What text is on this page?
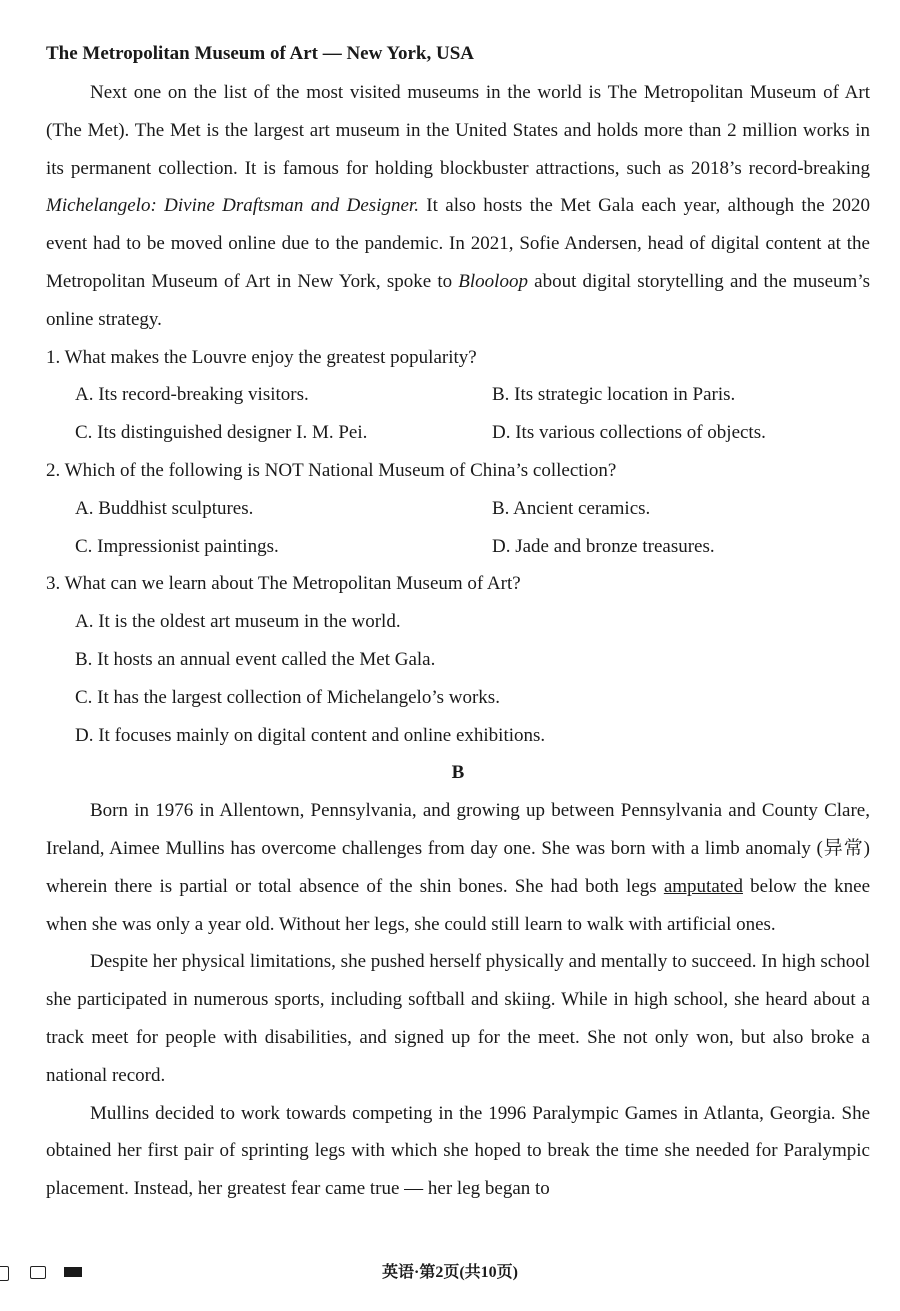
The Metropolitan Museum of Art — New York, USA

Next one on the list of the most visited museums in the world is The Metropolitan Museum of Art (The Met). The Met is the largest art museum in the United States and holds more than 2 million works in its permanent collection. It is famous for holding blockbuster attractions, such as 2018’s record-breaking Michelangelo: Divine Draftsman and Designer. It also hosts the Met Gala each year, although the 2020 event had to be moved online due to the pandemic. In 2021, Sofie Andersen, head of digital content at the Metropolitan Museum of Art in New York, spoke to Blooloop about digital storytelling and the museum’s online strategy.

1. What makes the Louvre enjoy the greatest popularity?
A. Its record-breaking visitors.	B. Its strategic location in Paris.
C. Its distinguished designer I. M. Pei.	D. Its various collections of objects.
2. Which of the following is NOT National Museum of China’s collection?
A. Buddhist sculptures.	B. Ancient ceramics.
C. Impressionist paintings.	D. Jade and bronze treasures.
3. What can we learn about The Metropolitan Museum of Art?
A. It is the oldest art museum in the world.
B. It hosts an annual event called the Met Gala.
C. It has the largest collection of Michelangelo’s works.
D. It focuses mainly on digital content and online exhibitions.
B

Born in 1976 in Allentown, Pennsylvania, and growing up between Pennsylvania and County Clare, Ireland, Aimee Mullins has overcome challenges from day one. She was born with a limb anomaly (异常) wherein there is partial or total absence of the shin bones. She had both legs amputated below the knee when she was only a year old. Without her legs, she could still learn to walk with artificial ones.

Despite her physical limitations, she pushed herself physically and mentally to succeed. In high school she participated in numerous sports, including softball and skiing. While in high school, she heard about a track meet for people with disabilities, and signed up for the meet. She not only won, but also broke a national record.

Mullins decided to work towards competing in the 1996 Paralympic Games in Atlanta, Georgia. She obtained her first pair of sprinting legs with which she hoped to break the time she needed for Paralympic placement. Instead, her greatest fear came true — her leg began to

英语·第2页(共10页)
